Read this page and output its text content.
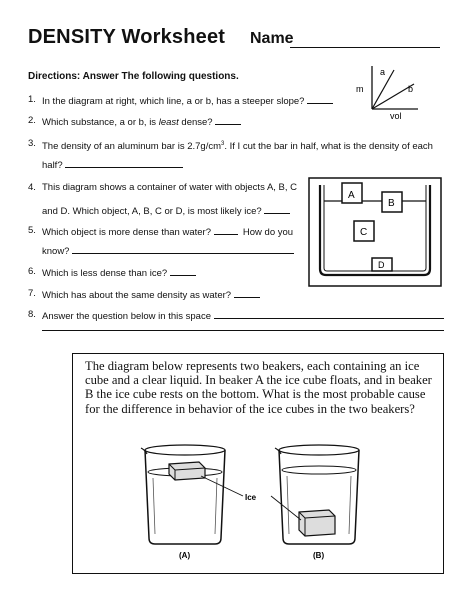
DENSITY Worksheet Name
Directions: Answer The following questions.	a
b
m
vol
1. In the diagram at right, which line, a or b, has a steeper slope?
2. Which substance, a or b, is least dense?
3. The density of an aluminum bar is $2.7g/cm^3$. If I cut the bar in half, what is the density of each
half?
4. This diagram shows a container of water with objects A, B, C
and D. Which object, A, B, C or D, is most likely ice?
5. Which object is more dense than water?	How do you
know?
6. Which is less dense than ice?
7. Which has about the same density as water?
8. Answer the question below in this space
A
B
C
D
The diagram below represents two beakers, each containing an ice cube and a clear liquid. In beaker A the ice cube floats, and in beaker B the ice cube rests on the bottom. What is the most probable cause for the difference in behavior of the ice cubes in the two beakers?
Ice
(A)	(B)
